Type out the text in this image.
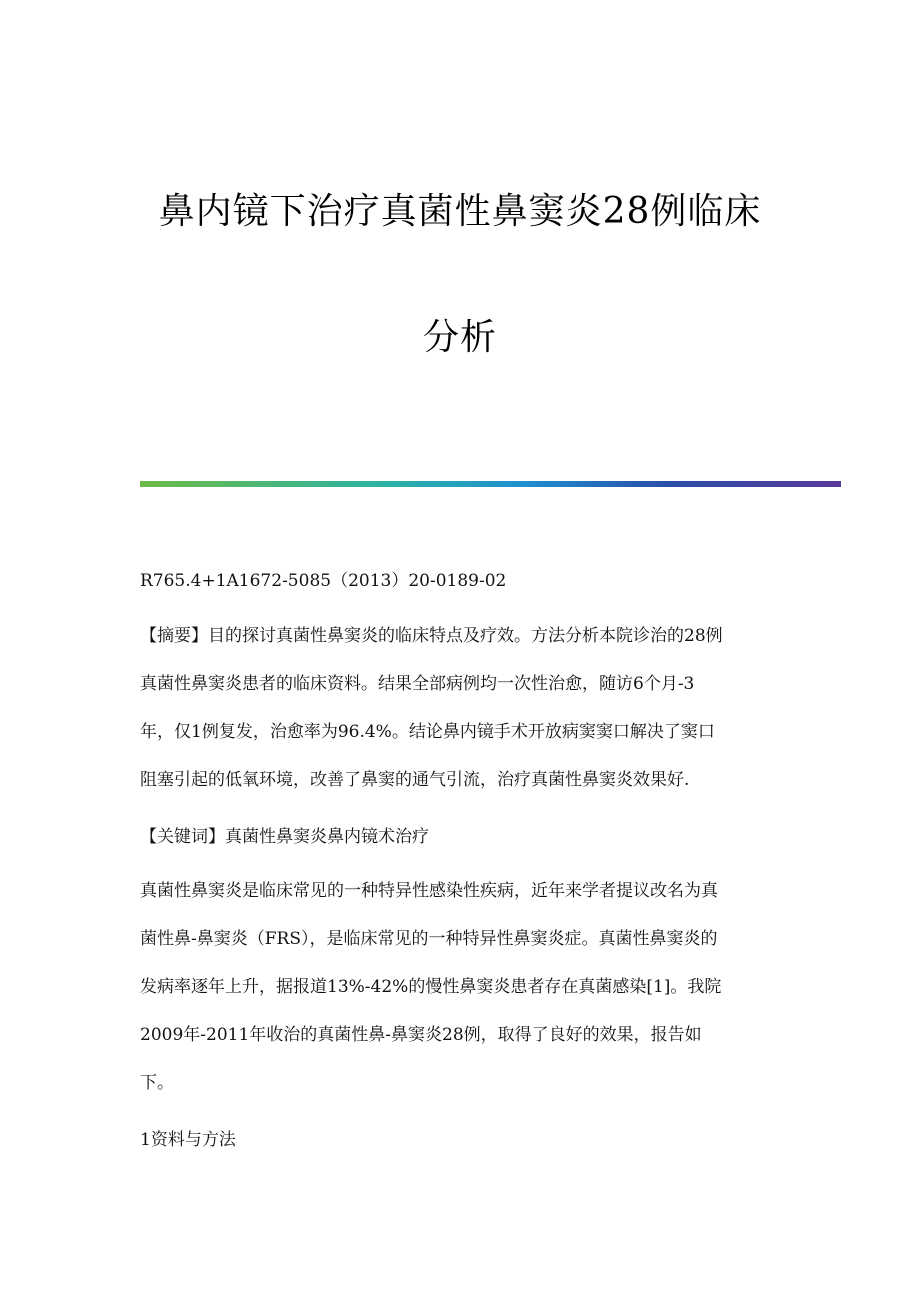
鼻内镜下治疗真菌性鼻窦炎28例临床
分析
R765.4+1A1672-5085（2013）20-0189-02
【摘要】目的探讨真菌性鼻窦炎的临床特点及疗效。方法分析本院诊治的28例
真菌性鼻窦炎患者的临床资料。结果全部病例均一次性治愈，随访6个月-3
年，仅1例复发，治愈率为96.4%。结论鼻内镜手术开放病窦窦口解决了窦口
阻塞引起的低氧环境，改善了鼻窦的通气引流，治疗真菌性鼻窦炎效果好.
【关键词】真菌性鼻窦炎鼻内镜术治疗
真菌性鼻窦炎是临床常见的一种特异性感染性疾病，近年来学者提议改名为真
菌性鼻-鼻窦炎（FRS），是临床常见的一种特异性鼻窦炎症。真菌性鼻窦炎的
发病率逐年上升，据报道13%-42%的慢性鼻窦炎患者存在真菌感染[1]。我院
2009年-2011年收治的真菌性鼻-鼻窦炎28例，取得了良好的效果，报告如
下。
1资料与方法
